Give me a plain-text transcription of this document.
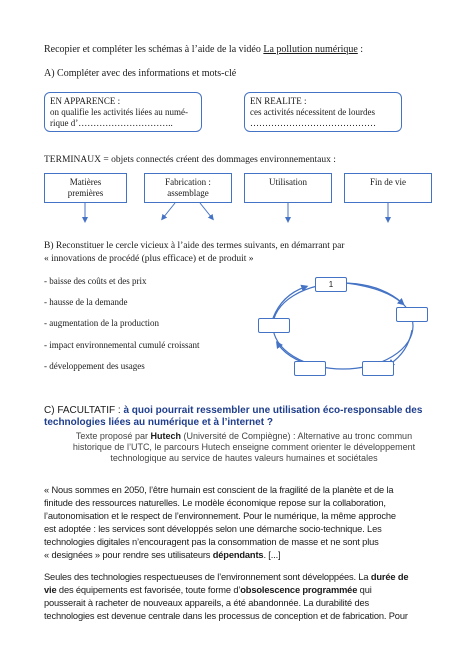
Recopier et compléter les schémas à l’aide de la vidéo La pollution numérique :
A) Compléter avec des informations et mots-clé
EN APPARENCE :
on qualifie les activités liées au numé-
rique d’…………………………..
EN REALITE :
ces activités nécessitent de lourdes
……………………………………
TERMINAUX = objets connectés créent des dommages environnementaux :
Matières
premières
Fabrication :
assemblage
Utilisation	Fin de vie
1
B) Reconstituer le cercle vicieux à l’aide des termes suivants, en démarrant par
« innovations de procédé (plus efficace) et de produit »
- baisse des coûts et des prix
- hausse de la demande
- augmentation de la production
- impact environnemental cumulé croissant
- développement des usages
C) FACULTATIF : à quoi pourrait ressembler une utilisation éco-responsable des
technologies liées au numérique et à l’internet ?
Texte proposé par Hutech (Université de Compiègne) : Alternative au tronc commun
historique de l’UTC, le parcours Hutech enseigne comment orienter le développement
technologique au service de hautes valeurs humaines et sociétales
« Nous sommes en 2050, l’être humain est conscient de la fragilité de la planète et de la
finitude des ressources naturelles. Le modèle économique repose sur la collaboration,
l’autonomisation et le respect de l’environnement. Pour le numérique, la même approche
est adoptée : les services sont développés selon une démarche socio-technique. Les
technologies digitales n’encouragent pas la consommation de masse et ne sont plus
« designées » pour rendre ses utilisateurs dépendants. [...]
Seules des technologies respectueuses de l’environnement sont développées. La durée de
vie des équipements est favorisée, toute forme d’obsolescence programmée qui
pousserait à racheter de nouveaux appareils, a été abandonnée. La durabilité des
technologies est devenue centrale dans les processus de conception et de fabrication. Pour
